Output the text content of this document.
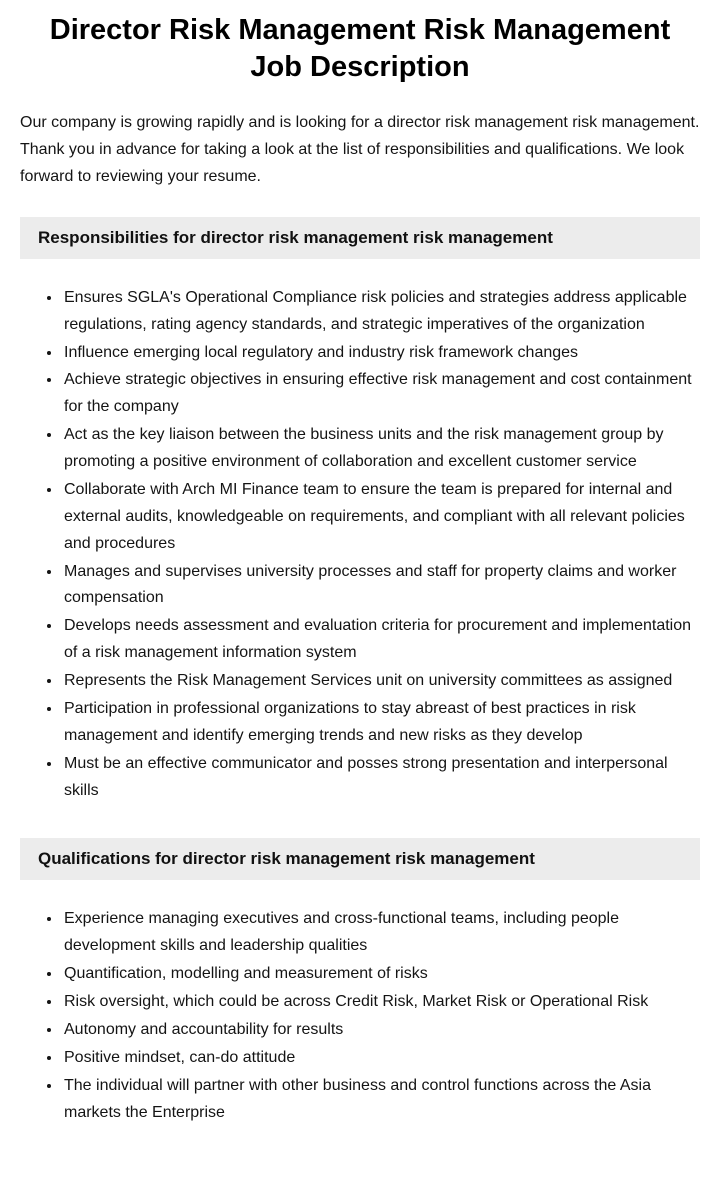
Director Risk Management Risk Management Job Description

Our company is growing rapidly and is looking for a director risk management risk management. Thank you in advance for taking a look at the list of responsibilities and qualifications. We look forward to reviewing your resume.

Responsibilities for director risk management risk management
• Ensures SGLA's Operational Compliance risk policies and strategies address applicable regulations, rating agency standards, and strategic imperatives of the organization
• Influence emerging local regulatory and industry risk framework changes
• Achieve strategic objectives in ensuring effective risk management and cost containment for the company
• Act as the key liaison between the business units and the risk management group by promoting a positive environment of collaboration and excellent customer service
• Collaborate with Arch MI Finance team to ensure the team is prepared for internal and external audits, knowledgeable on requirements, and compliant with all relevant policies and procedures
• Manages and supervises university processes and staff for property claims and worker compensation
• Develops needs assessment and evaluation criteria for procurement and implementation of a risk management information system
• Represents the Risk Management Services unit on university committees as assigned
• Participation in professional organizations to stay abreast of best practices in risk management and identify emerging trends and new risks as they develop
• Must be an effective communicator and posses strong presentation and interpersonal skills
Qualifications for director risk management risk management
• Experience managing executives and cross-functional teams, including people development skills and leadership qualities
• Quantification, modelling and measurement of risks
• Risk oversight, which could be across Credit Risk, Market Risk or Operational Risk
• Autonomy and accountability for results
• Positive mindset, can-do attitude
• The individual will partner with other business and control functions across the Asia markets the Enterprise
